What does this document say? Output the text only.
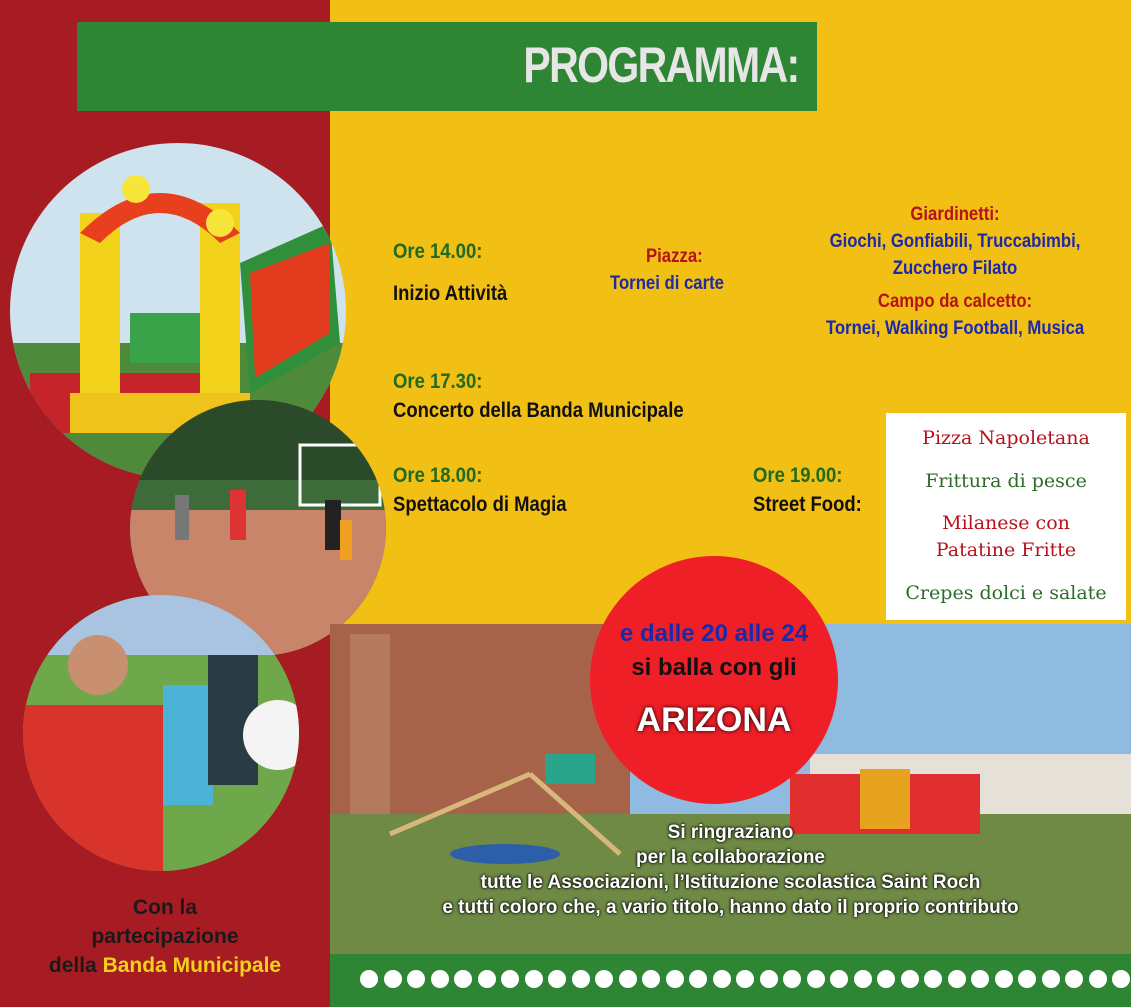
PROGRAMMA:
Ore 14.00:
Inizio Attività
Piazza:
Tornei di carte
Giardinetti:
Giochi, Gonfiabili, Truccabimbi,
Zucchero Filato
Campo da calcetto:
Tornei, Walking Football, Musica
Ore 17.30:
Concerto della Banda Municipale
Ore 18.00:
Spettacolo di Magia
Ore 19.00:
Street Food:
Pizza Napoletana
Frittura di pesce
Milanese con
Patatine Fritte
Crepes dolci e salate
e dalle 20 alle 24
si balla con gli
ARIZONA
Si ringraziano
per la collaborazione
tutte le Associazioni, l’Istituzione scolastica Saint Roch
e tutti coloro che, a vario titolo, hanno dato il proprio contributo
Con la
partecipazione
della Banda Municipale
